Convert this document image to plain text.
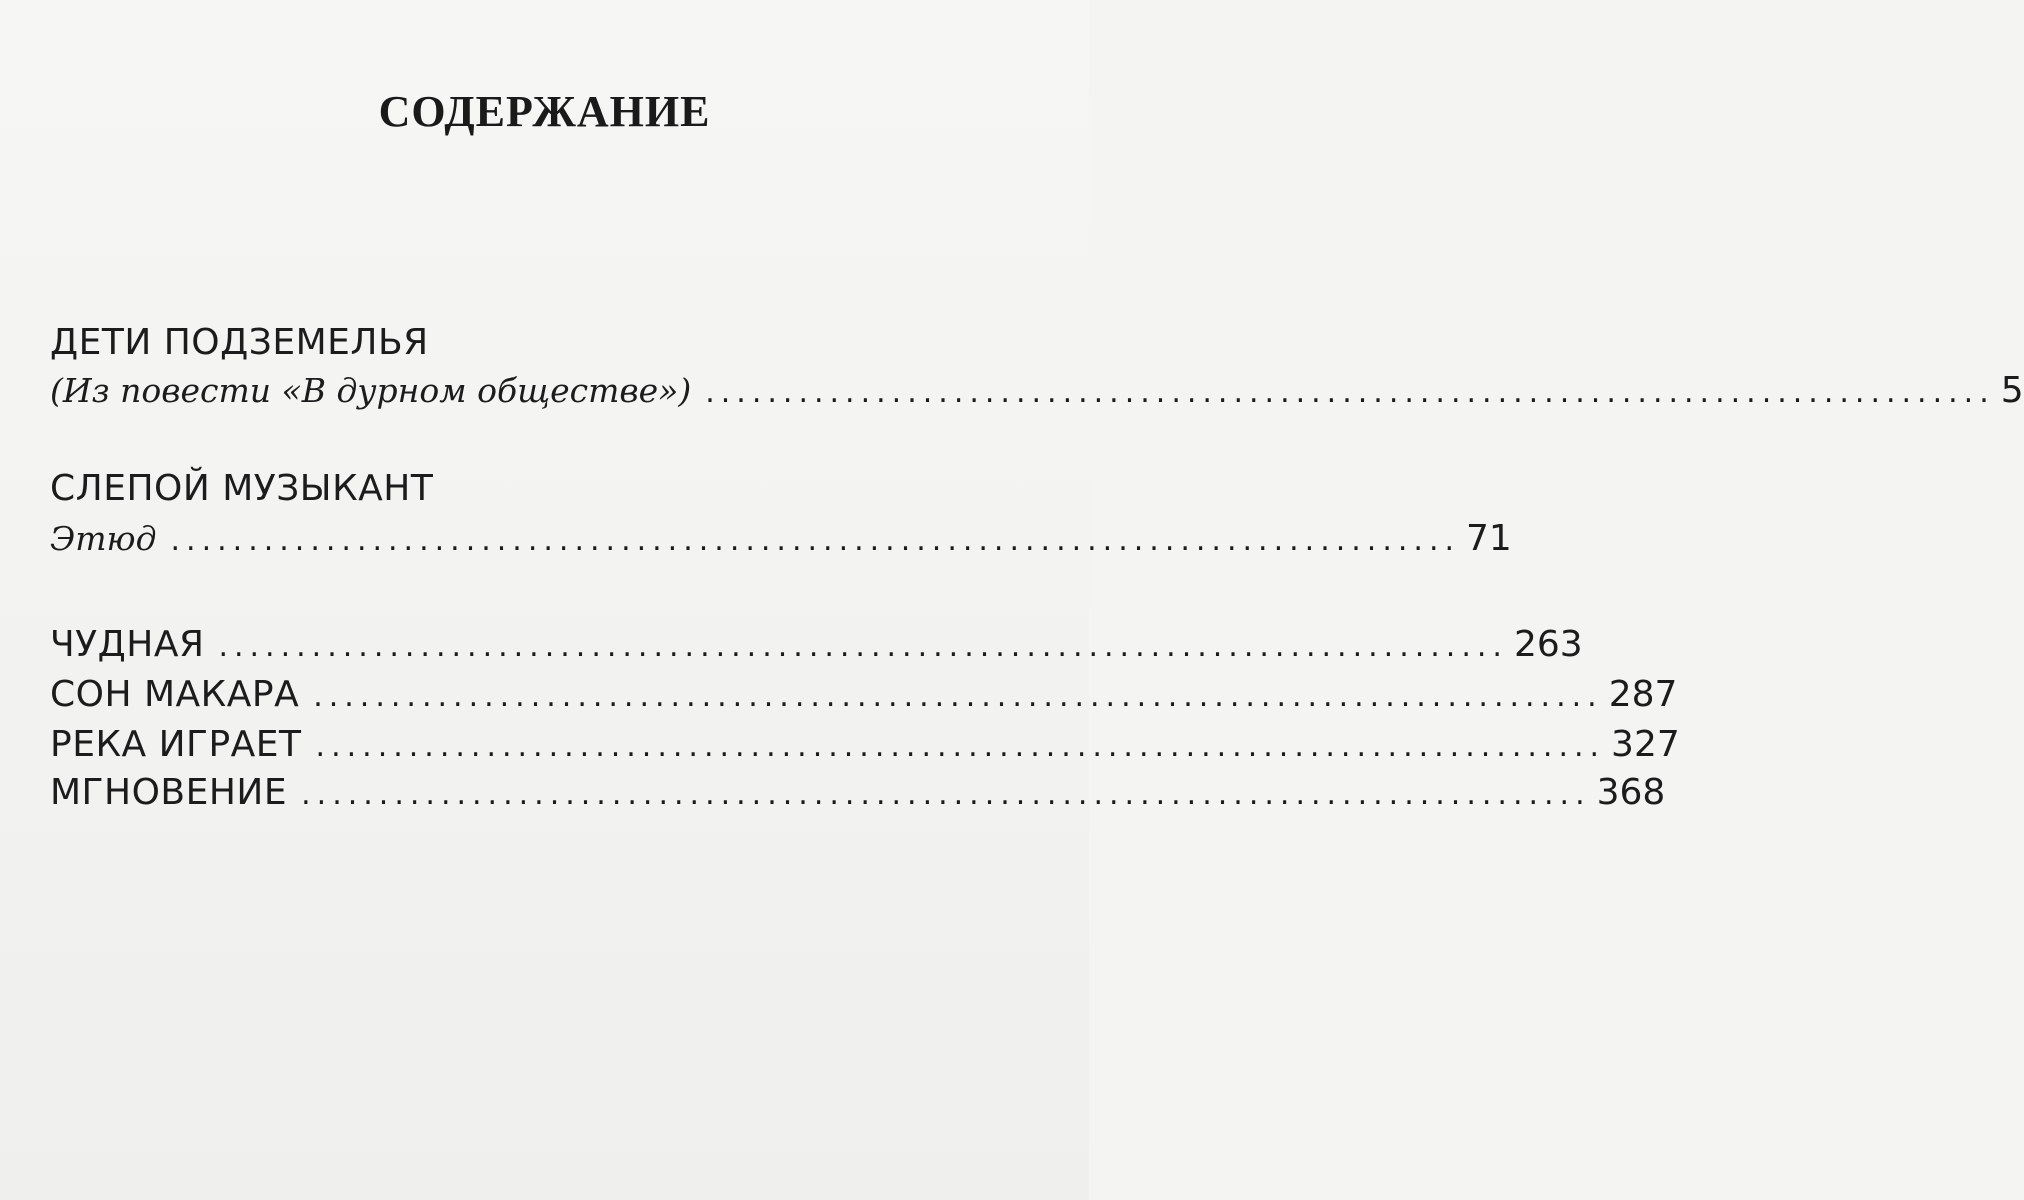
СОДЕРЖАНИЕ
ДЕТИ ПОДЗЕМЕЛЬЯ
(Из повести «В дурном обществе») ................................................................................... 5
СЛЕПОЙ МУЗЫКАНТ
Этюд ................................................................................... 71
ЧУДНАЯ ................................................................................... 263
СОН МАКАРА ................................................................................... 287
РЕКА ИГРАЕТ ................................................................................... 327
МГНОВЕНИЕ ................................................................................... 368
